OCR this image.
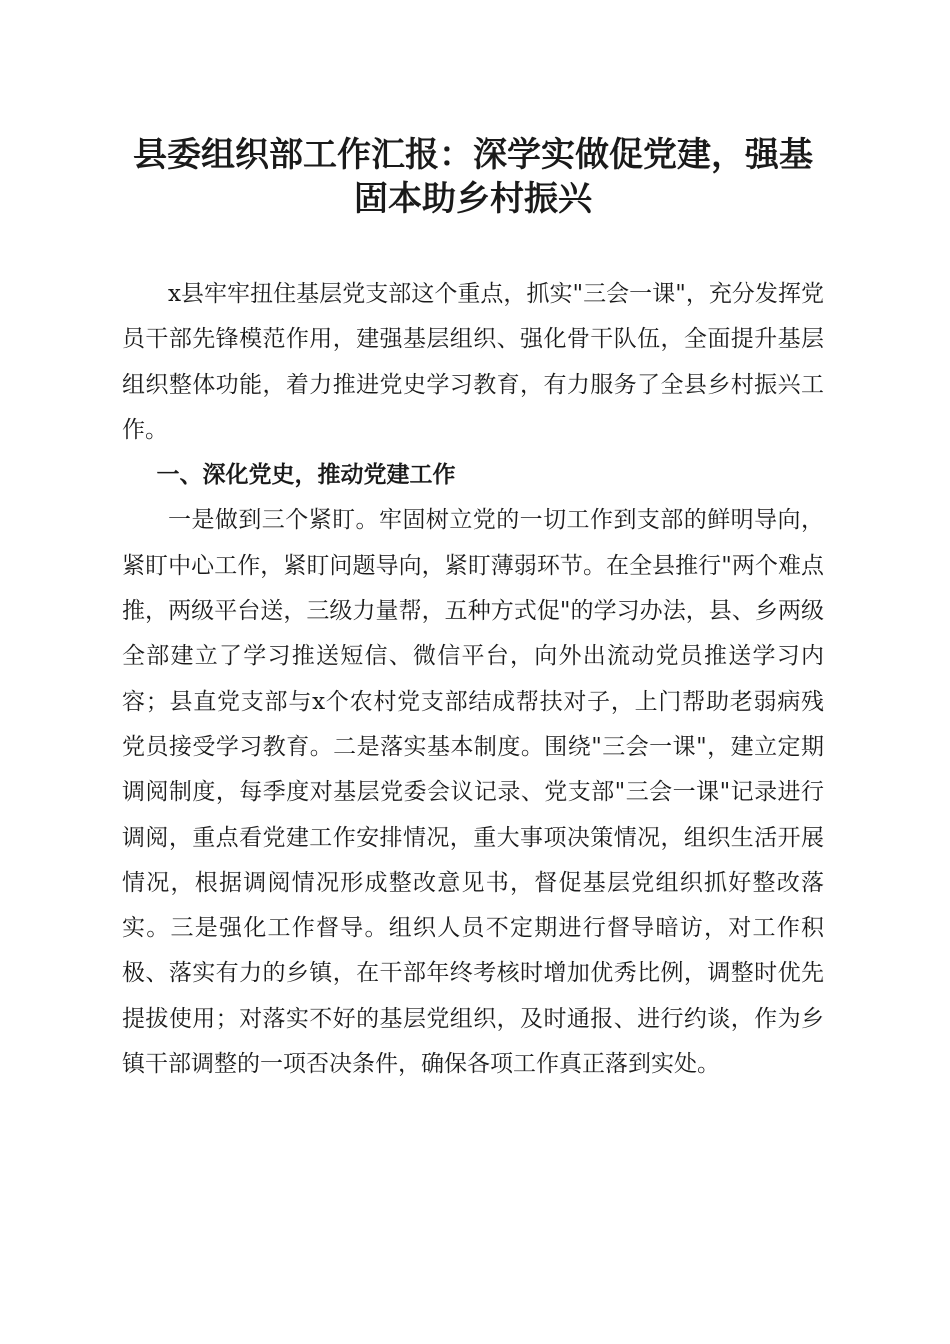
县委组织部工作汇报：深学实做促党建，强基
固本助乡村振兴

x县牢牢扭住基层党支部这个重点，抓实"三会一课"，充分发挥党员干部先锋模范作用，建强基层组织、强化骨干队伍，全面提升基层组织整体功能，着力推进党史学习教育，有力服务了全县乡村振兴工作。

一、深化党史，推动党建工作

一是做到三个紧盯。牢固树立党的一切工作到支部的鲜明导向，紧盯中心工作，紧盯问题导向，紧盯薄弱环节。在全县推行"两个难点推，两级平台送，三级力量帮，五种方式促"的学习办法，县、乡两级全部建立了学习推送短信、微信平台，向外出流动党员推送学习内容；县直党支部与x个农村党支部结成帮扶对子，上门帮助老弱病残党员接受学习教育。二是落实基本制度。围绕"三会一课"，建立定期调阅制度，每季度对基层党委会议记录、党支部"三会一课"记录进行调阅，重点看党建工作安排情况，重大事项决策情况，组织生活开展情况，根据调阅情况形成整改意见书，督促基层党组织抓好整改落实。三是强化工作督导。组织人员不定期进行督导暗访，对工作积极、落实有力的乡镇，在干部年终考核时增加优秀比例，调整时优先提拔使用；对落实不好的基层党组织，及时通报、进行约谈，作为乡镇干部调整的一项否决条件，确保各项工作真正落到实处。
